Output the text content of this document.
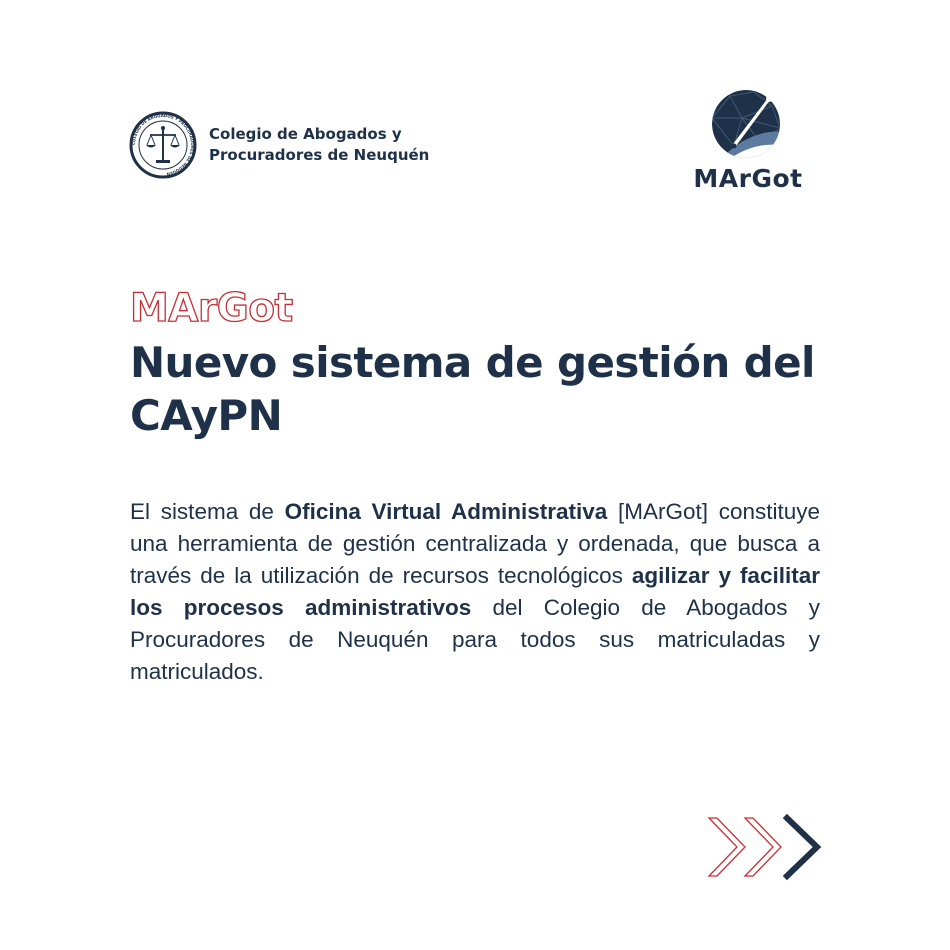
COLEGIO DE ABOGADOS Y PROCURADORES DE NEUQUÉN

Colegio de Abogados y
Procuradores de Neuquén

MArGot
MArGot
Nuevo sistema de gestión del
CAyPN

El sistema de Oficina Virtual Administrativa [MArGot] constituye una herramienta de gestión centralizada y ordenada, que busca a través de la utilización de recursos tecnológicos agilizar y facilitar los procesos administrativos del Colegio de Abogados y Procuradores de Neuquén para todos sus matriculadas y matriculados.
